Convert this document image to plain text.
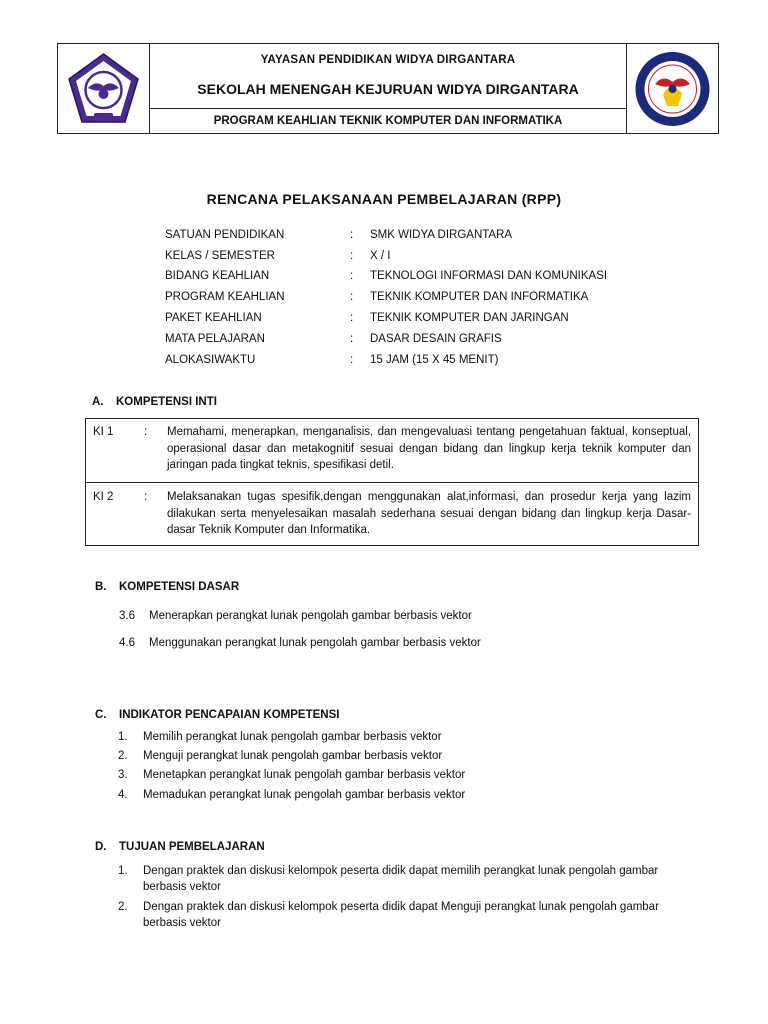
YAYASAN PENDIDIKAN WIDYA DIRGANTARA
SEKOLAH MENENGAH KEJURUAN WIDYA DIRGANTARA
PROGRAM KEAHLIAN TEKNIK KOMPUTER DAN INFORMATIKA
RENCANA PELAKSANAAN PEMBELAJARAN (RPP)
SATUAN PENDIDIKAN	: SMK WIDYA DIRGANTARA
KELAS / SEMESTER	: X / I
BIDANG KEAHLIAN	: TEKNOLOGI INFORMASI DAN KOMUNIKASI
PROGRAM KEAHLIAN	: TEKNIK KOMPUTER DAN INFORMATIKA
PAKET KEAHLIAN	: TEKNIK KOMPUTER DAN JARINGAN
MATA PELAJARAN	: DASAR DESAIN GRAFIS
ALOKASIWAKTU	: 15 JAM (15 X 45 MENIT)
A. KOMPETENSI INTI
KI 1	: Memahami, menerapkan, menganalisis, dan mengevaluasi tentang pengetahuan faktual, konseptual, operasional dasar dan metakognitif sesuai dengan bidang dan lingkup kerja teknik komputer dan jaringan pada tingkat teknis, spesifikasi detil.
KI 2	: Melaksanakan tugas spesifik,dengan menggunakan alat,informasi, dan prosedur kerja yang lazim dilakukan serta menyelesaikan masalah sederhana sesuai dengan bidang dan lingkup kerja Dasar-dasar Teknik Komputer dan Informatika.
B. KOMPETENSI DASAR
3.6 Menerapkan perangkat lunak pengolah gambar berbasis vektor
4.6 Menggunakan perangkat lunak pengolah gambar berbasis vektor
C. INDIKATOR PENCAPAIAN KOMPETENSI
1. Memilih perangkat lunak pengolah gambar berbasis vektor
2. Menguji perangkat lunak pengolah gambar berbasis vektor
3. Menetapkan perangkat lunak pengolah gambar berbasis vektor
4. Memadukan perangkat lunak pengolah gambar berbasis vektor
D. TUJUAN PEMBELAJARAN
1. Dengan praktek dan diskusi kelompok peserta didik dapat memilih perangkat lunak pengolah gambar berbasis vektor
2. Dengan praktek dan diskusi kelompok peserta didik dapat Menguji perangkat lunak pengolah gambar berbasis vektor
